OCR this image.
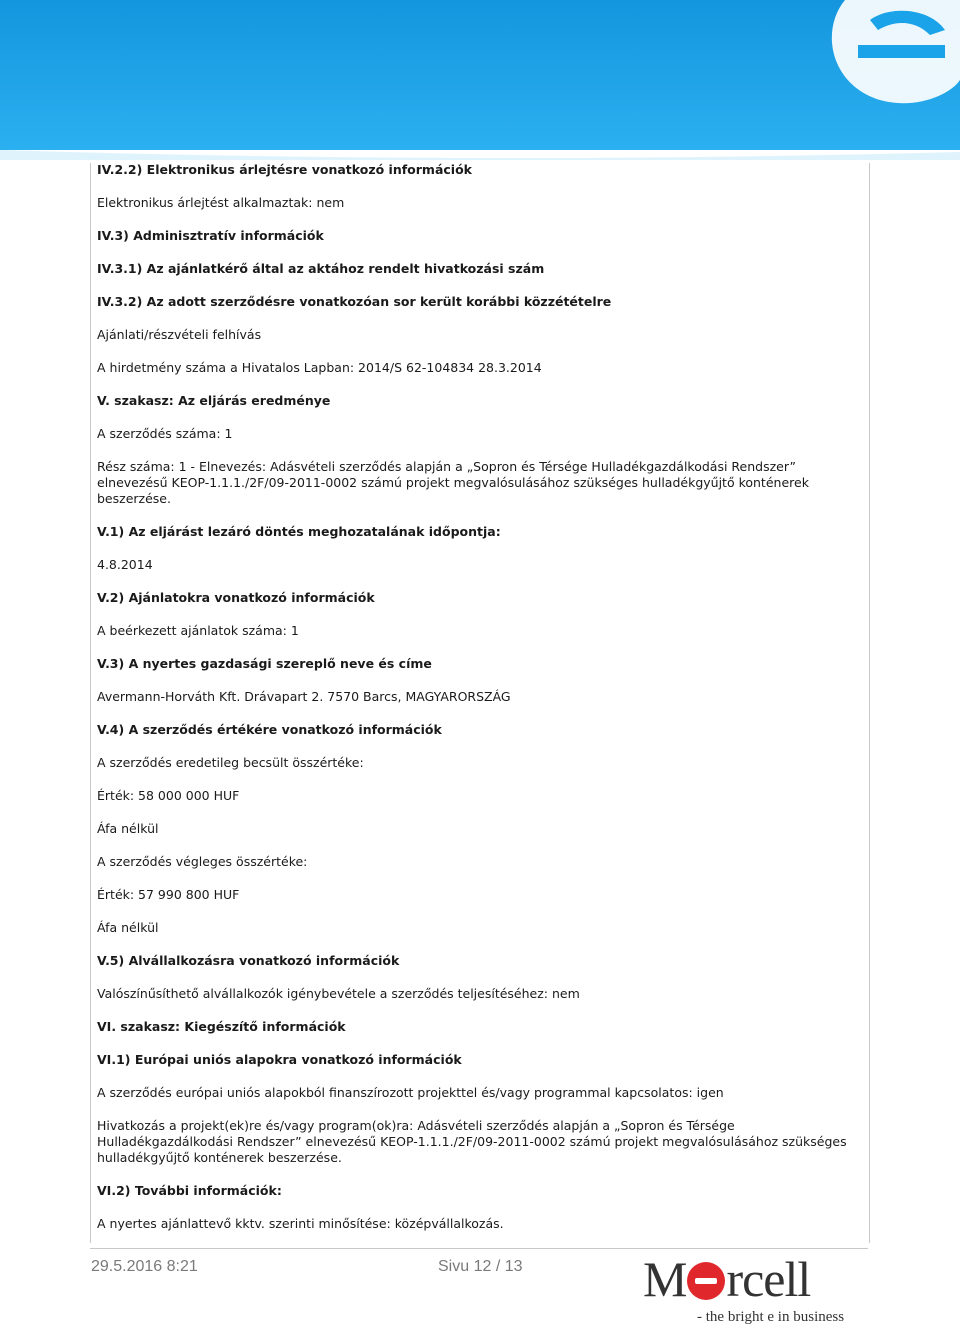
IV.2.2) Elektronikus árlejtésre vonatkozó információk
Elektronikus árlejtést alkalmaztak: nem
IV.3) Adminisztratív információk
IV.3.1) Az ajánlatkérő által az aktához rendelt hivatkozási szám
IV.3.2) Az adott szerződésre vonatkozóan sor került korábbi közzétételre
Ajánlati/részvételi felhívás
A hirdetmény száma a Hivatalos Lapban: 2014/S 62-104834 28.3.2014
V. szakasz: Az eljárás eredménye
A szerződés száma: 1
Rész száma: 1 - Elnevezés: Adásvételi szerződés alapján a „Sopron és Térsége Hulladékgazdálkodási Rendszer” elnevezésű KEOP-1.1.1./2F/09-2011-0002 számú projekt megvalósulásához szükséges hulladékgyűjtő konténerek beszerzése.
V.1) Az eljárást lezáró döntés meghozatalának időpontja:
4.8.2014
V.2) Ajánlatokra vonatkozó információk
A beérkezett ajánlatok száma: 1
V.3) A nyertes gazdasági szereplő neve és címe
Avermann-Horváth Kft. Drávapart 2. 7570 Barcs, MAGYARORSZÁG
V.4) A szerződés értékére vonatkozó információk
A szerződés eredetileg becsült összértéke:
Érték: 58 000 000 HUF
Áfa nélkül
A szerződés végleges összértéke:
Érték: 57 990 800 HUF
Áfa nélkül
V.5) Alvállalkozásra vonatkozó információk
Valószínűsíthető alvállalkozók igénybevétele a szerződés teljesítéséhez: nem
VI. szakasz: Kiegészítő információk
VI.1) Európai uniós alapokra vonatkozó információk
A szerződés európai uniós alapokból finanszírozott projekttel és/vagy programmal kapcsolatos: igen
Hivatkozás a projekt(ek)re és/vagy program(ok)ra: Adásvételi szerződés alapján a „Sopron és Térsége Hulladékgazdálkodási Rendszer” elnevezésű KEOP-1.1.1./2F/09-2011-0002 számú projekt megvalósulásához szükséges hulladékgyűjtő konténerek beszerzése.
VI.2) További információk:
A nyertes ajánlattevő kktv. szerinti minősítése: középvállalkozás.
29.5.2016 8:21	Sivu 12 / 13 M rcell
- the bright e in business
